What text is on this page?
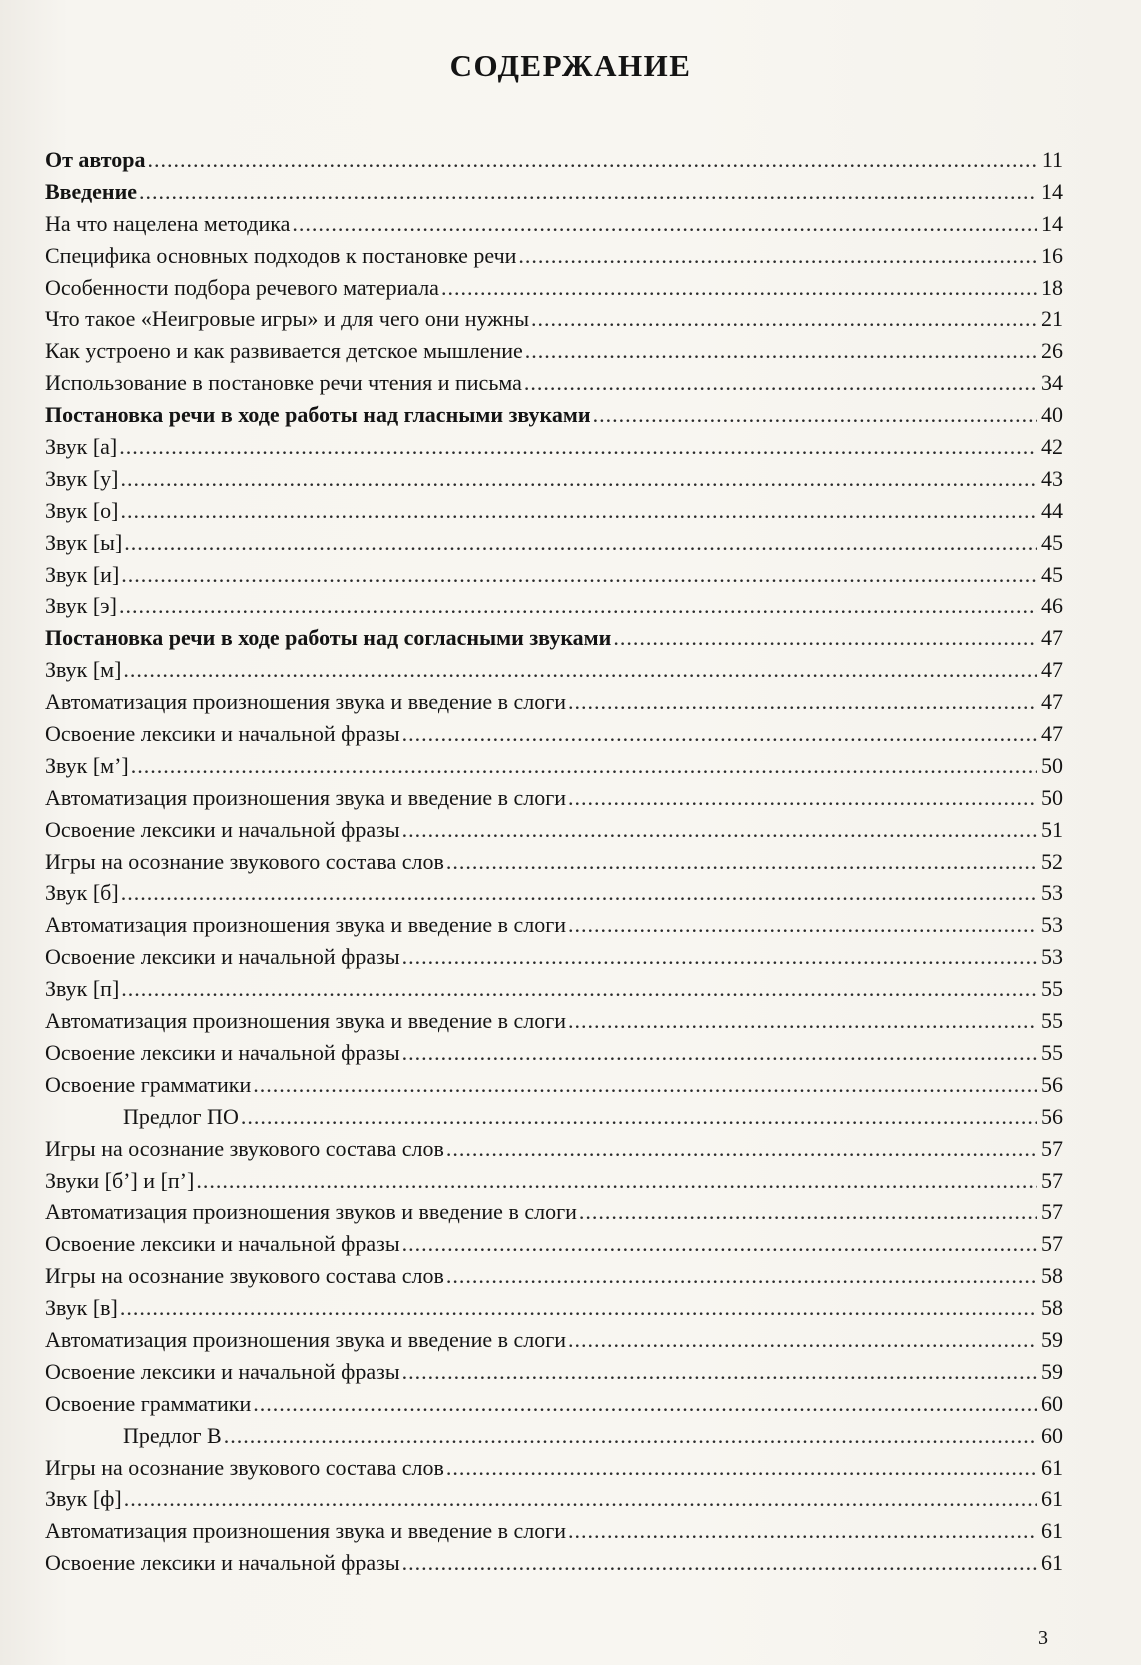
СОДЕРЖАНИЕ
От автора .....	11
Введение .....	14
На что нацелена методика .....	14
Специфика основных подходов к постановке речи .....	16
Особенности подбора речевого материала .....	18
Что такое «Неигровые игры» и для чего они нужны .....	21
Как устроено и как развивается детское мышление .....	26
Использование в постановке речи чтения и письма .....	34
Постановка речи в ходе работы над гласными звуками .....	40
Звук [а] .....	42
Звук [у] .....	43
Звук [о] .....	44
Звук [ы] .....	45
Звук [и] .....	45
Звук [э] .....	46
Постановка речи в ходе работы над согласными звуками .....	47
Звук [м] .....	47
Автоматизация произношения звука и введение в слоги .....	47
Освоение лексики и начальной фразы .....	47
Звук [м’] .....	50
Автоматизация произношения звука и введение в слоги .....	50
Освоение лексики и начальной фразы .....	51
Игры на осознание звукового состава слов .....	52
Звук [б] .....	53
Автоматизация произношения звука и введение в слоги .....	53
Освоение лексики и начальной фразы .....	53
Звук [п] .....	55
Автоматизация произношения звука и введение в слоги .....	55
Освоение лексики и начальной фразы .....	55
Освоение грамматики .....	56
Предлог ПО .....	56
Игры на осознание звукового состава слов .....	57
Звуки [б’] и [п’] .....	57
Автоматизация произношения звуков и введение в слоги .....	57
Освоение лексики и начальной фразы .....	57
Игры на осознание звукового состава слов .....	58
Звук [в] .....	58
Автоматизация произношения звука и введение в слоги .....	59
Освоение лексики и начальной фразы .....	59
Освоение грамматики .....	60
Предлог В .....	60
Игры на осознание звукового состава слов .....	61
Звук [ф] .....	61
Автоматизация произношения звука и введение в слоги .....	61
Освоение лексики и начальной фразы .....	61
3
